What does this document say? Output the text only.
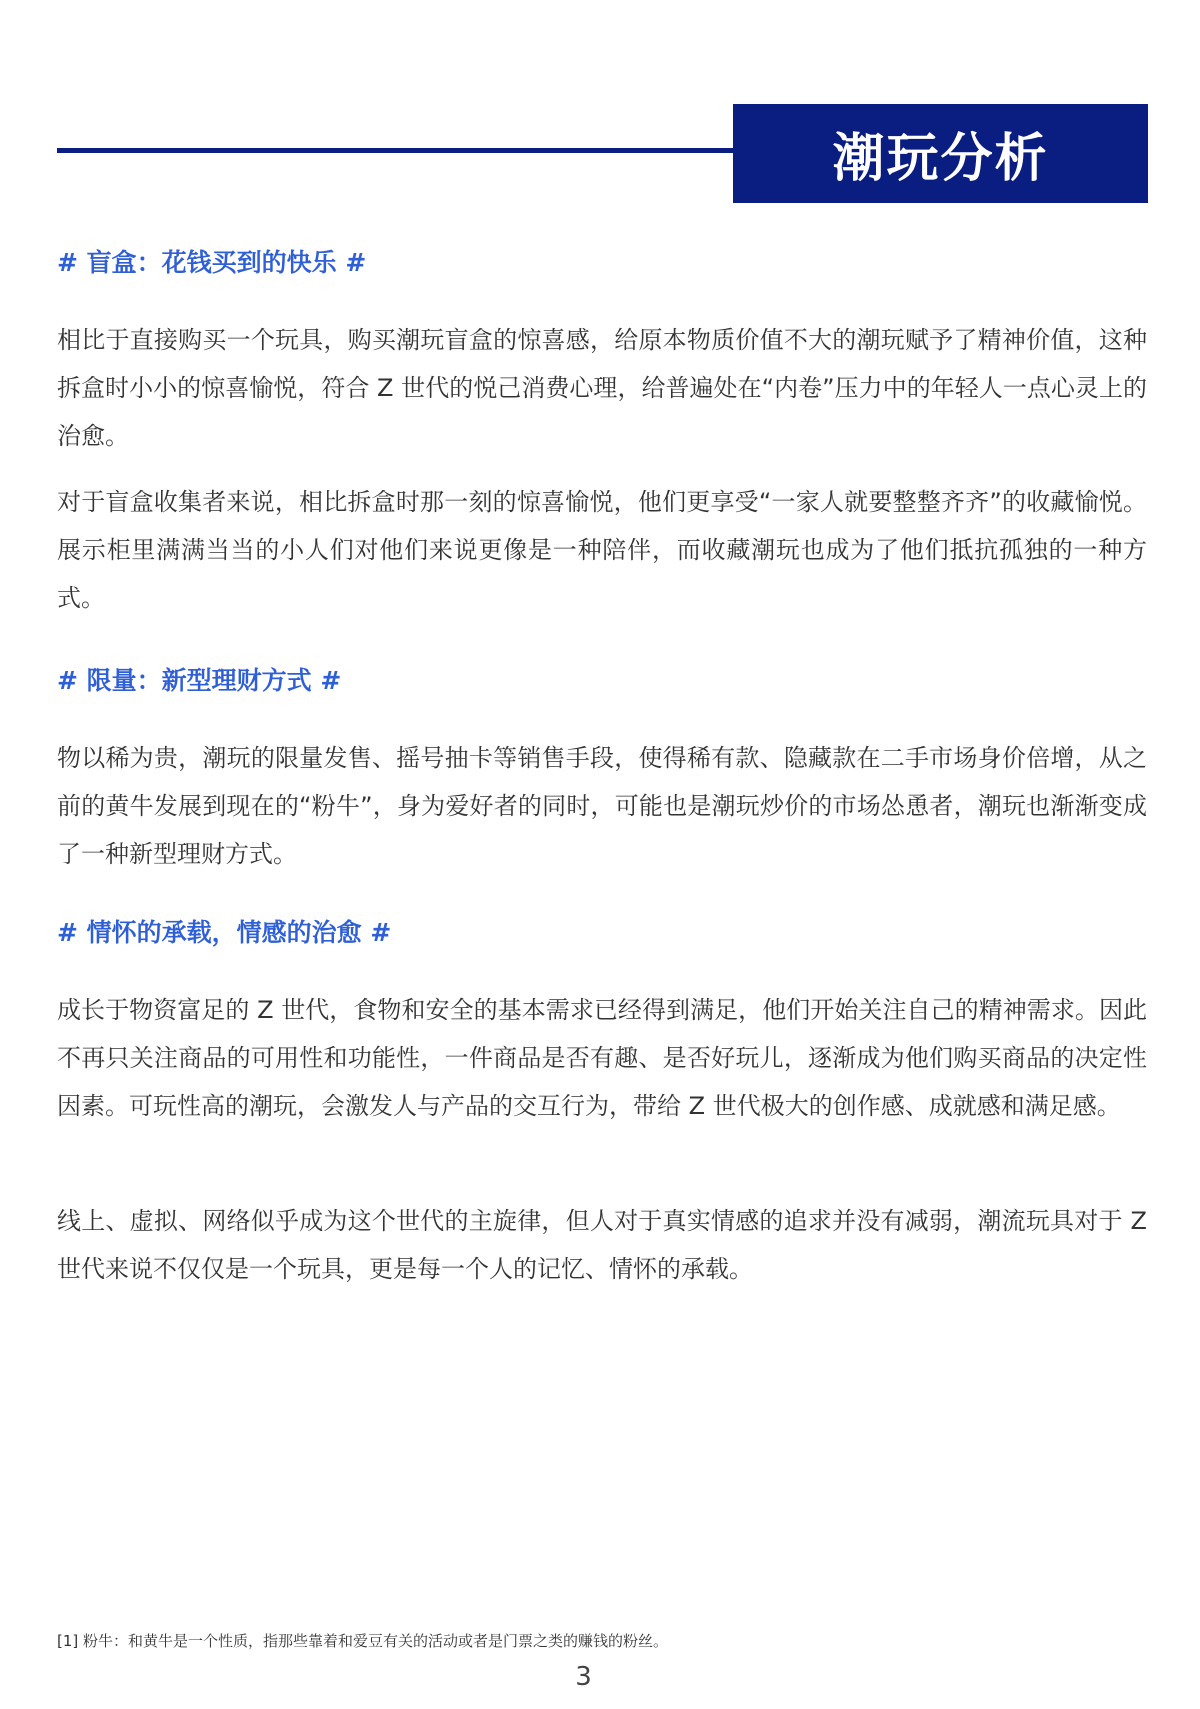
潮玩分析
# 盲盒：花钱买到的快乐 #

相比于直接购买一个玩具，购买潮玩盲盒的惊喜感，给原本物质价值不大的潮玩赋予了精神价值，这种拆盒时小小的惊喜愉悦，符合 Z 世代的悦己消费心理，给普遍处在“内卷”压力中的年轻人一点心灵上的治愈。

对于盲盒收集者来说，相比拆盒时那一刻的惊喜愉悦，他们更享受“一家人就要整整齐齐”的收藏愉悦。展示柜里满满当当的小人们对他们来说更像是一种陪伴，而收藏潮玩也成为了他们抵抗孤独的一种方式。

# 限量：新型理财方式 #

物以稀为贵，潮玩的限量发售、摇号抽卡等销售手段，使得稀有款、隐藏款在二手市场身价倍增，从之前的黄牛发展到现在的“粉牛”，身为爱好者的同时，可能也是潮玩炒价的市场怂恿者，潮玩也渐渐变成了一种新型理财方式。

# 情怀的承载，情感的治愈 #

成长于物资富足的 Z 世代，食物和安全的基本需求已经得到满足，他们开始关注自己的精神需求。因此不再只关注商品的可用性和功能性，一件商品是否有趣、是否好玩儿，逐渐成为他们购买商品的决定性因素。可玩性高的潮玩，会激发人与产品的交互行为，带给 Z 世代极大的创作感、成就感和满足感。

线上、虚拟、网络似乎成为这个世代的主旋律，但人对于真实情感的追求并没有减弱，潮流玩具对于 Z 世代来说不仅仅是一个玩具，更是每一个人的记忆、情怀的承载。

[1] 粉牛：和黄牛是一个性质，指那些靠着和爱豆有关的活动或者是门票之类的赚钱的粉丝。
3
